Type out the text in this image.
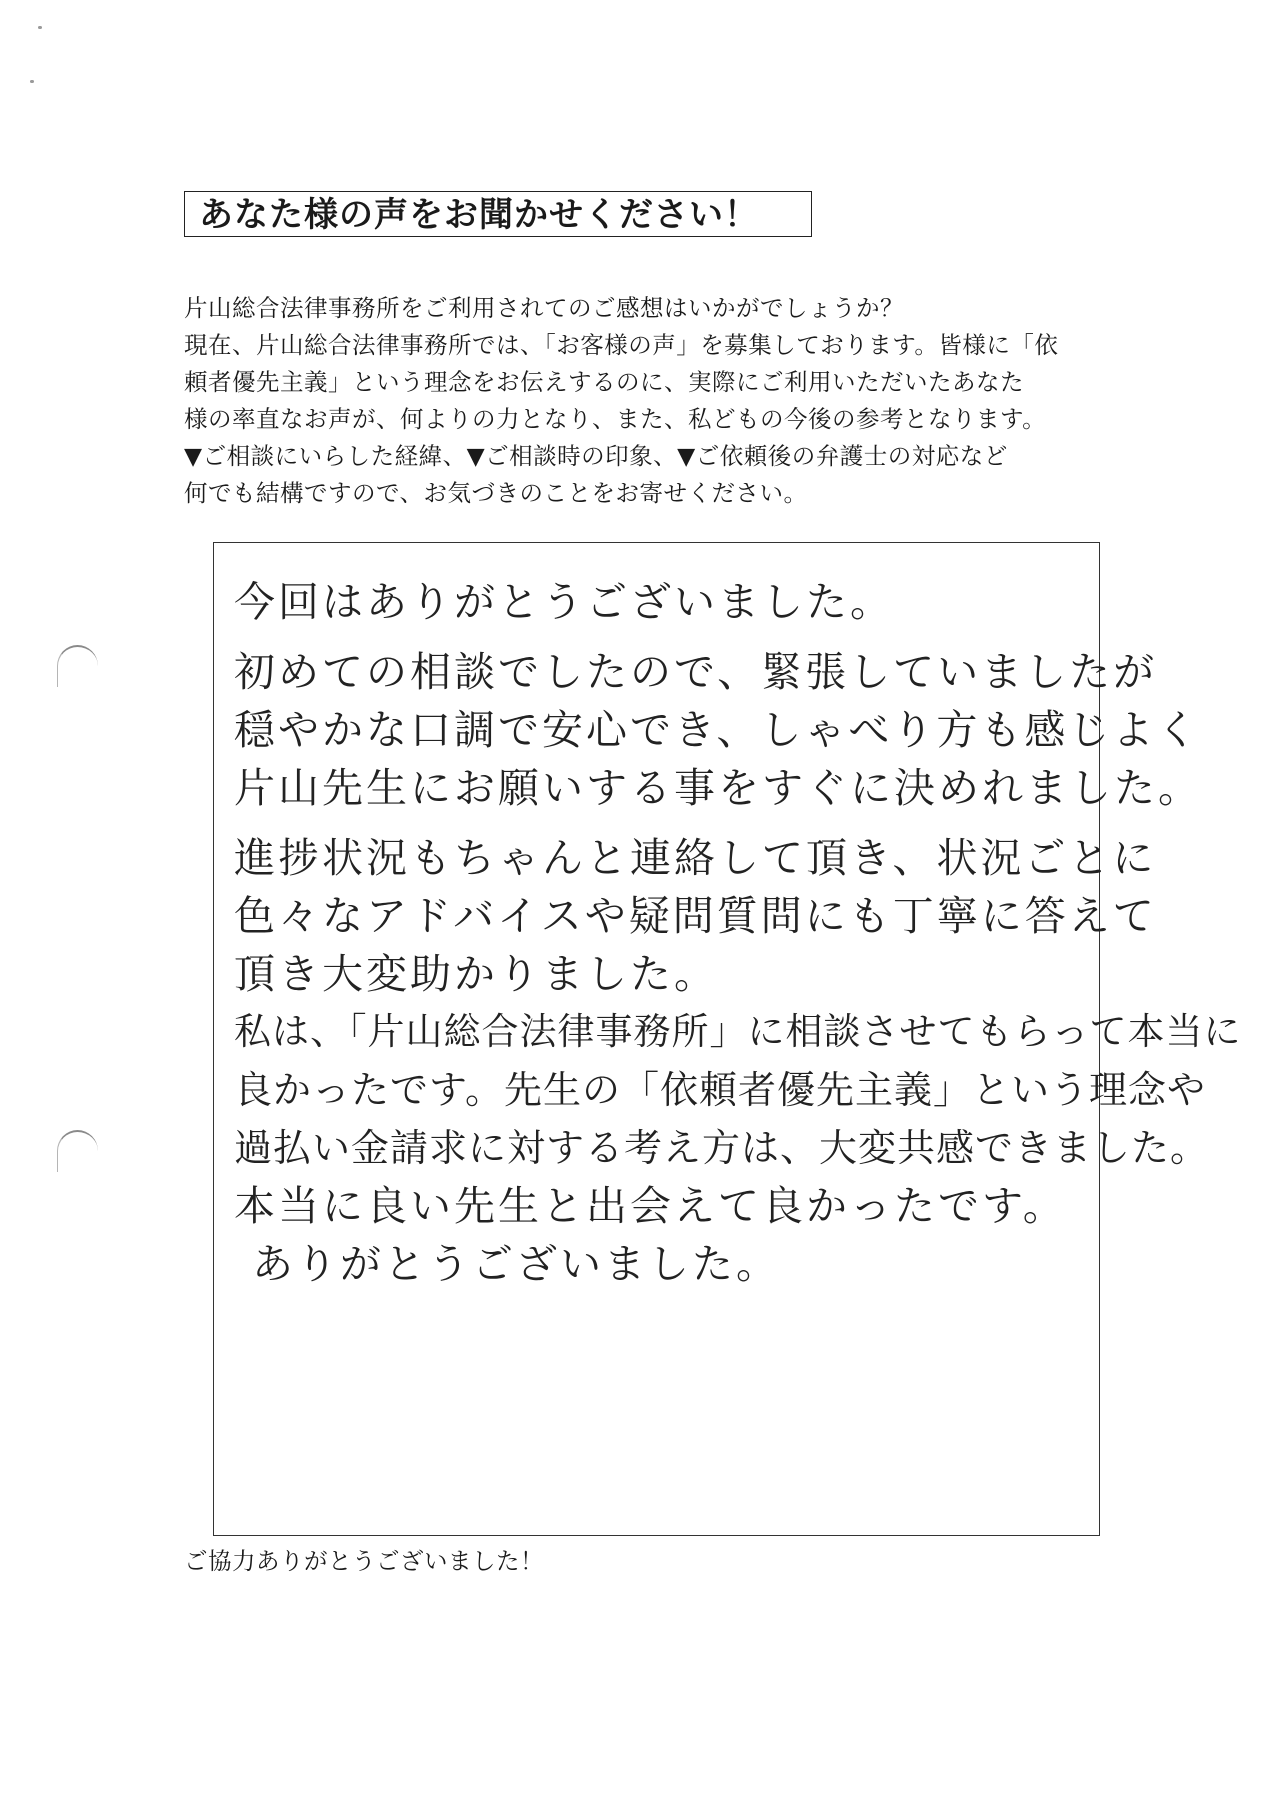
あなた様の声をお聞かせください！
片山総合法律事務所をご利用されてのご感想はいかがでしょうか？
現在、片山総合法律事務所では、「お客様の声」を募集しております。皆様に「依
頼者優先主義」という理念をお伝えするのに、実際にご利用いただいたあなた
様の率直なお声が、何よりの力となり、また、私どもの今後の参考となります。
▼ご相談にいらした経緯、▼ご相談時の印象、▼ご依頼後の弁護士の対応など
何でも結構ですので、お気づきのことをお寄せください。
今回はありがとうございました。
初めての相談でしたので、緊張していましたが
穏やかな口調で安心でき、しゃべり方も感じよく
片山先生にお願いする事をすぐに決めれました。
進捗状況もちゃんと連絡して頂き、状況ごとに
色々なアドバイスや疑問質問にも丁寧に答えて
頂き大変助かりました。
私は、「片山総合法律事務所」に相談させてもらって本当に
良かったです。先生の「依頼者優先主義」という理念や
過払い金請求に対する考え方は、大変共感できました。
本当に良い先生と出会えて良かったです。
ありがとうございました。
ご協力ありがとうございました！
